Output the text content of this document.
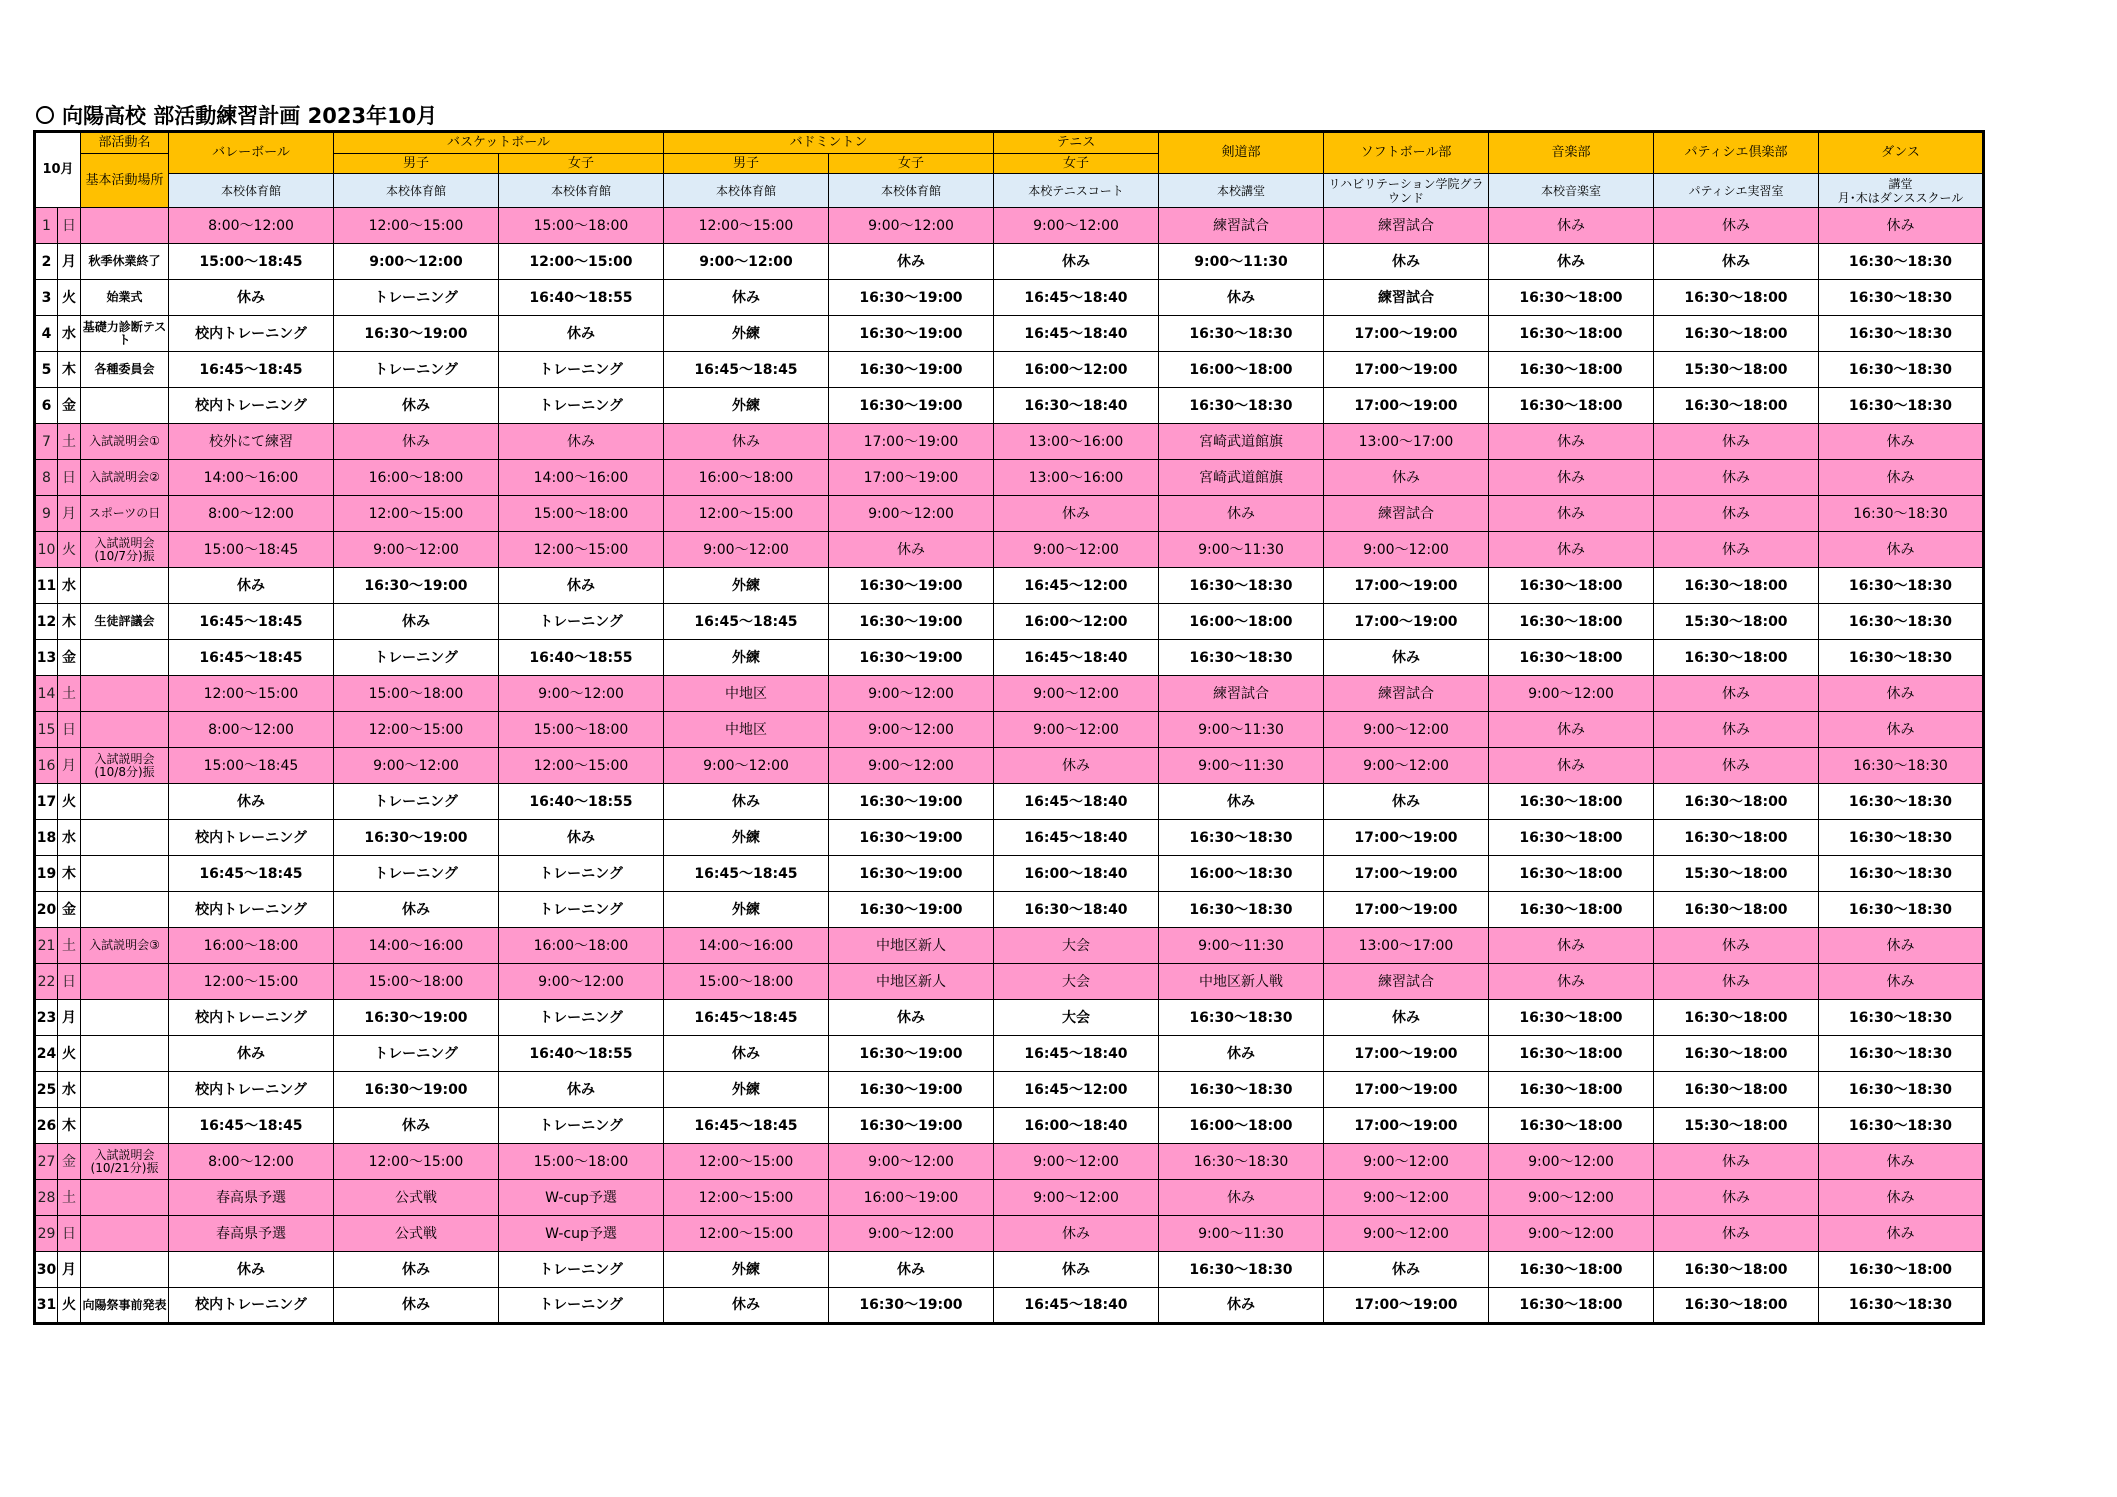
向陽高校 部活動練習計画 2023年10月
10月		部活動名	バレーボール	バスケットボール		バドミントン		テニス	剣道部	ソフトボール部	音楽部	パティシエ倶楽部	ダンス
		基本活動場所		男子	女子	男子	女子	女子					
			本校体育館	本校体育館	本校体育館	本校体育館	本校体育館	本校テニスコート	本校講堂	リハビリテーション学院グラウンド	本校音楽室	パティシエ実習室	講堂
月･木はダンススクール
1	日		8:00～12:00	12:00～15:00	15:00～18:00	12:00～15:00	9:00～12:00	9:00～12:00	練習試合	練習試合	休み	休み	休み
2	月	秋季休業終了	15:00～18:45	9:00～12:00	12:00～15:00	9:00～12:00	休み	休み	9:00～11:30	休み	休み	休み	16:30～18:30
3	火	始業式	休み	トレーニング	16:40～18:55	休み	16:30～19:00	16:45～18:40	休み	練習試合	16:30～18:00	16:30～18:00	16:30～18:30
4	水	基礎力診断テスト	校内トレーニング	16:30～19:00	休み	外練	16:30～19:00	16:45～18:40	16:30～18:30	17:00～19:00	16:30～18:00	16:30～18:00	16:30～18:30
5	木	各種委員会	16:45～18:45	トレーニング	トレーニング	16:45～18:45	16:30～19:00	16:00～12:00	16:00～18:00	17:00～19:00	16:30～18:00	15:30～18:00	16:30～18:30
6	金		校内トレーニング	休み	トレーニング	外練	16:30～19:00	16:30～18:40	16:30～18:30	17:00～19:00	16:30～18:00	16:30～18:00	16:30～18:30
7	土	入試説明会①	校外にて練習	休み	休み	休み	17:00～19:00	13:00～16:00	宮崎武道館旗	13:00～17:00	休み	休み	休み
8	日	入試説明会②	14:00～16:00	16:00～18:00	14:00～16:00	16:00～18:00	17:00～19:00	13:00～16:00	宮崎武道館旗	休み	休み	休み	休み
9	月	スポーツの日	8:00～12:00	12:00～15:00	15:00～18:00	12:00～15:00	9:00～12:00	休み	休み	練習試合	休み	休み	16:30～18:30
10	火	入試説明会(10/7分)振	15:00～18:45	9:00～12:00	12:00～15:00	9:00～12:00	休み	9:00～12:00	9:00～11:30	9:00～12:00	休み	休み	休み
11	水		休み	16:30～19:00	休み	外練	16:30～19:00	16:45～12:00	16:30～18:30	17:00～19:00	16:30～18:00	16:30～18:00	16:30～18:30
12	木	生徒評議会	16:45～18:45	休み	トレーニング	16:45～18:45	16:30～19:00	16:00～12:00	16:00～18:00	17:00～19:00	16:30～18:00	15:30～18:00	16:30～18:30
13	金		16:45～18:45	トレーニング	16:40～18:55	外練	16:30～19:00	16:45～18:40	16:30～18:30	休み	16:30～18:00	16:30～18:00	16:30～18:30
14	土		12:00～15:00	15:00～18:00	9:00～12:00	中地区	9:00～12:00	9:00～12:00	練習試合	練習試合	9:00～12:00	休み	休み
15	日		8:00～12:00	12:00～15:00	15:00～18:00	中地区	9:00～12:00	9:00～12:00	9:00～11:30	9:00～12:00	休み	休み	休み
16	月	入試説明会(10/8分)振	15:00～18:45	9:00～12:00	12:00～15:00	9:00～12:00	9:00～12:00	休み	9:00～11:30	9:00～12:00	休み	休み	16:30～18:30
17	火		休み	トレーニング	16:40～18:55	休み	16:30～19:00	16:45～18:40	休み	休み	16:30～18:00	16:30～18:00	16:30～18:30
18	水		校内トレーニング	16:30～19:00	休み	外練	16:30～19:00	16:45～18:40	16:30～18:30	17:00～19:00	16:30～18:00	16:30～18:00	16:30～18:30
19	木		16:45～18:45	トレーニング	トレーニング	16:45～18:45	16:30～19:00	16:00～18:40	16:00～18:30	17:00～19:00	16:30～18:00	15:30～18:00	16:30～18:30
20	金		校内トレーニング	休み	トレーニング	外練	16:30～19:00	16:30～18:40	16:30～18:30	17:00～19:00	16:30～18:00	16:30～18:00	16:30～18:30
21	土	入試説明会③	16:00～18:00	14:00～16:00	16:00～18:00	14:00～16:00	中地区新人	大会	9:00～11:30	13:00～17:00	休み	休み	休み
22	日		12:00～15:00	15:00～18:00	9:00～12:00	15:00～18:00	中地区新人	大会	中地区新人戦	練習試合	休み	休み	休み
23	月		校内トレーニング	16:30～19:00	トレーニング	16:45～18:45	休み	大会	16:30～18:30	休み	16:30～18:00	16:30～18:00	16:30～18:30
24	火		休み	トレーニング	16:40～18:55	休み	16:30～19:00	16:45～18:40	休み	17:00～19:00	16:30～18:00	16:30～18:00	16:30～18:30
25	水		校内トレーニング	16:30～19:00	休み	外練	16:30～19:00	16:45～12:00	16:30～18:30	17:00～19:00	16:30～18:00	16:30～18:00	16:30～18:30
26	木		16:45～18:45	休み	トレーニング	16:45～18:45	16:30～19:00	16:00～18:40	16:00～18:00	17:00～19:00	16:30～18:00	15:30～18:00	16:30～18:30
27	金	入試説明会(10/21分)振	8:00～12:00	12:00～15:00	15:00～18:00	12:00～15:00	9:00～12:00	9:00～12:00	16:30～18:30	9:00～12:00	9:00～12:00	休み	休み
28	土		春高県予選	公式戦	W-cup予選	12:00～15:00	16:00～19:00	9:00～12:00	休み	9:00～12:00	9:00～12:00	休み	休み
29	日		春高県予選	公式戦	W-cup予選	12:00～15:00	9:00～12:00	休み	9:00～11:30	9:00～12:00	9:00～12:00	休み	休み
30	月		休み	休み	トレーニング	外練	休み	休み	16:30～18:30	休み	16:30～18:00	16:30～18:00	16:30～18:00
31	火	向陽祭事前発表	校内トレーニング	休み	トレーニング	休み	16:30～19:00	16:45～18:40	休み	17:00～19:00	16:30～18:00	16:30～18:00	16:30～18:30
